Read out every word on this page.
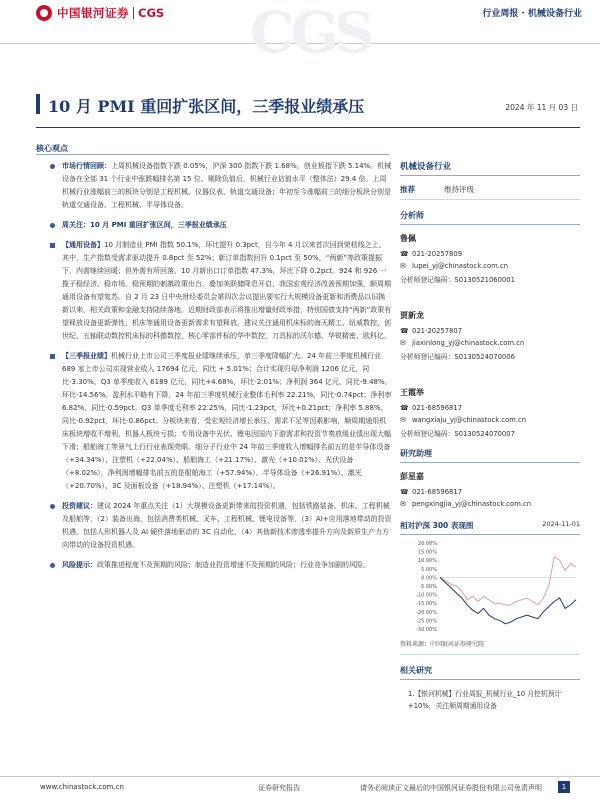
中国银河证券 CGS CGS	行业周报 · 机械设备行业
10 月 PMI 重回扩张区间，三季报业绩承压	2024 年 11 月 03 日
核心观点
市场行情回顾：上周机械设备指数下跌 0.05%，沪深 300 指数下跌 1.68%，创业板指下跌 5.14%。机械设备在全部 31 个行业中涨跌幅排名第 15 位。剔除负值后，机械行业估值水平（整体法）29.4 倍。上周机械行业涨幅前三的板块分别是工程机械、仪器仪表、轨道交通设备；年初至今涨幅前三的细分板块分别是轨道交通设备、工程机械、半导体设备。
周关注：10 月 PMI 重回扩张区间，三季报业绩承压
【通用设备】10 月制造业 PMI 指数 50.1%，环比提升 0.3pct，自今年 4 月以来首次回到荣枯线之上。其中，生产指数受需求驱动提升 0.8pct 至 52%；新订单指数回升 0.1pct 至 50%，“两新”等政策提振下，内需继续回暖；但外需有所回落，10 月新出口订单指数 47.3%，环比下降 0.2pct。924 和 926 一揽子稳经济、稳市场、稳预期的刺激政策出台，叠加美联储降息开启，我国宏观经济改善预期加强，顺周期通用设备有望复苏。自 2 月 23 日中央财经委员会第四次会议提出要实行大规模设备更新和消费品以旧换新以来，相关政策和金融支持陆续落地。近期财政部表示将推出增量财政举措，特别国债支持“两新”政策有望释放设备更新弹性，机床等通用设备更新需求有望释放。建议关注通用机床标的海天精工、纽威数控、创世纪，五轴联动数控机床标的科德数控，核心零部件标的华中数控，刀具标的沃尔德、华锐精密、欧科亿。
【三季报业绩】机械行业上市公司三季度报业绩继续承压，单三季度降幅扩大。24 年前三季度机械行业 689 家上市公司实现营业收入 17694 亿元，同比 + 5.01%；合计实现归母净利润 1206 亿元，同比-3.30%。Q3 单季度收入 6189 亿元，同比+4.68%，环比-2.01%；净利润 364 亿元，同比-9.48%，环比-14.56%。盈利水平略有下降，24 年前三季度机械行业整体毛利率 22.21%，同比-0.74pct；净利率 6.82%，同比-0.59pct。Q3 单季度毛利率 22.25%，同比-1.23pct，环比+0.21pct；净利率 5.88%，同比-0.92pct，环比-0.86pct。分板块来看，受宏观经济增长承压、需求不足等因素影响，顺周期通用机床板块增收不增利，机器人板块亏损；专用设备中光伏、锂电因国内下游需求和投资节奏放缓业绩出现大幅下滑；船舶海工等景气上行行业表现亮眼。细分子行业中 24 年前三季度收入增幅排名前五的是半导体设备（+34.34%）、注塑机（+22.04%）、船舶海工（+21.17%）、激光（+10.01%）、光伏设备（+8.02%），净利润增幅排名前五的是船舶海工（+57.94%）、半导体设备（+26.91%）、激光（+20.70%）、3C 及面板设备（+18.94%）、注塑机（+17.14%）。
投资建议：建议 2024 年重点关注（1）大规模设备更新带来的投资机遇，包括铁路装备、机床、工程机械及船舶等，（2）装备出海，包括消费类机械、叉车、工程机械、锂电设备等，（3）AI+应用落地带动的投资机遇，包括人形机器人及 AI 硬件落地驱动的 3C 自动化，（4）其他新技术渗透率提升方向及新质生产力方向带动的设备投资机遇。
风险提示：政策推进程度不及预期的风险；制造业投资增速不及预期的风险；行业竞争加剧的风险。
机械设备行业
推荐	维持评级
分析师
鲁佩
☎ 021-20257809
✉ lupei_yj@chinastock.com.cn
分析师登记编码：S0130521060001
贾新龙
☎ 021-20257807
✉ jiaxinlong_yj@chinastock.com.cn
分析师登记编码：S0130524070006
王霞举
☎ 021-68596817
✉ wangxiaju_yj@chinastock.com.cn
分析师登记编码：S0130524070007
研究助理
彭星嘉
☎ 021-68596817
✉ pengxingjia_yj@chinastock.com.cn
相对沪深 300 表现图	2024-11-01
20.00%
15.00%
10.00%
5.00%
0.00%
-5.00%
-10.00%
-15.00%
-20.00%
-25.00%
-30.00%
资料来源：中国银河证券研究院
相关研究
1.【银河机械】行业周报_机械行业_10 月挖机预计+10%，关注顺周期通用设备
www.chinastock.com.cn	证券研究报告	请务必阅读正文最后的中国银河证券股份有限公司免责声明	1
